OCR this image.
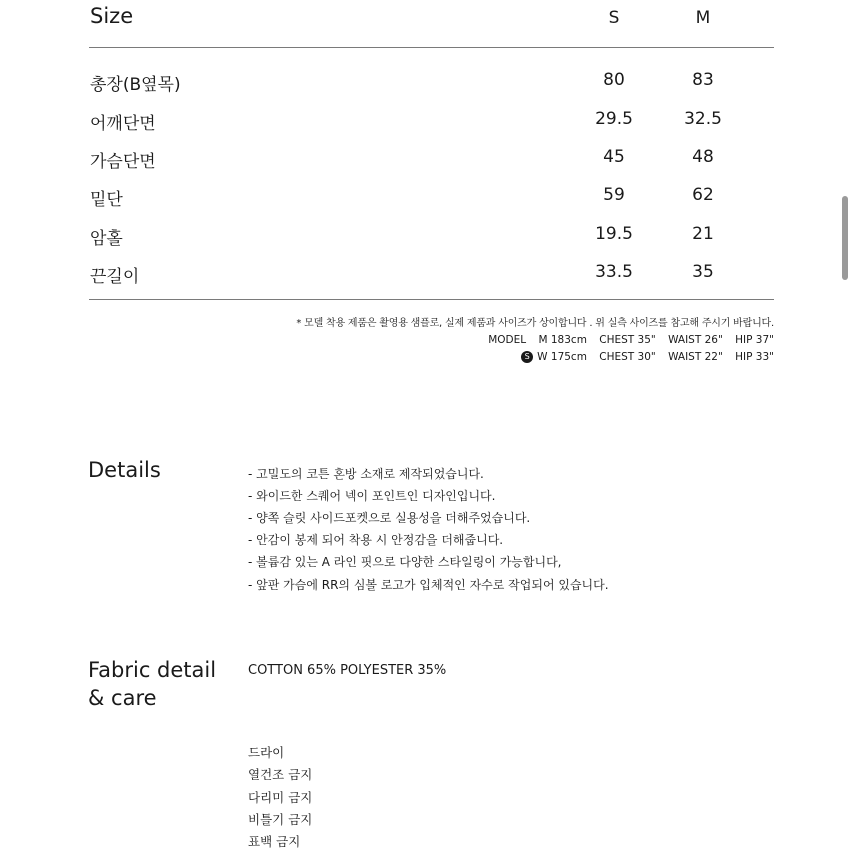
Size	S	M
총장(B옆목)	80	83
어깨단면	29.5	32.5
가슴단면	45	48
밑단	59	62
암홀	19.5	21
끈길이	33.5	35
* 모델 착용 제품은 촬영용 샘플로, 실제 제품과 사이즈가 상이합니다 . 위 실측 사이즈를 참고해 주시기 바랍니다.
MODEL M 183cm CHEST 35" WAIST 26" HIP 37"
S W 175cm CHEST 30" WAIST 22" HIP 33"
Details	- 고밀도의 코튼 혼방 소재로 제작되었습니다.
- 와이드한 스퀘어 넥이 포인트인 디자인입니다.
- 양쪽 슬릿 사이드포켓으로 실용성을 더해주었습니다.
- 안감이 봉제 되어 착용 시 안정감을 더해줍니다.
- 볼륨감 있는 A 라인 핏으로 다양한 스타일링이 가능합니다,
- 앞판 가슴에 RR의 심볼 로고가 입체적인 자수로 작업되어 있습니다.
Fabric detail
& care
COTTON 65% POLYESTER 35%
드라이
열건조 금지
다리미 금지
비틀기 금지
표백 금지
